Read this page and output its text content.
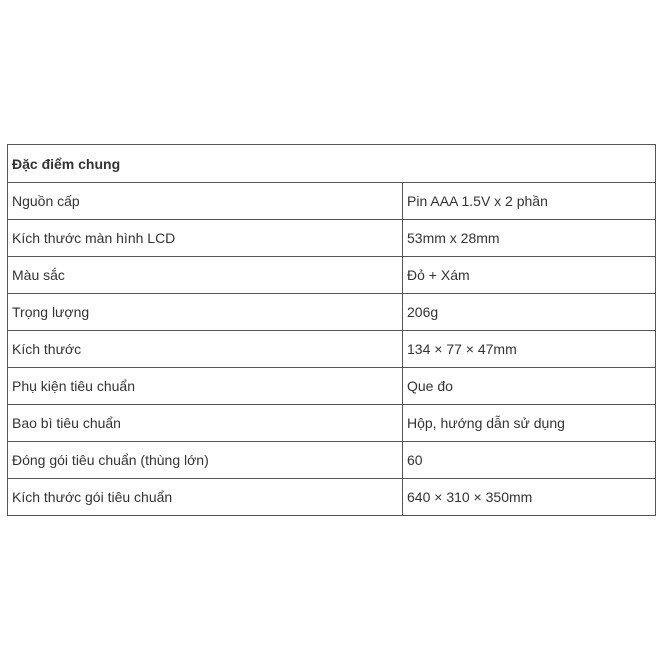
Đặc điểm chung	
Nguồn cấp	Pin AAA 1.5V x 2 phần
Kích thước màn hình LCD	53mm x 28mm
Màu sắc	Đỏ + Xám
Trọng lượng	206g
Kích thước	134 × 77 × 47mm
Phụ kiện tiêu chuẩn	Que đo
Bao bì tiêu chuẩn	Hộp, hướng dẫn sử dụng
Đóng gói tiêu chuẩn (thùng lớn)	60
Kích thước gói tiêu chuẩn	640 × 310 × 350mm
